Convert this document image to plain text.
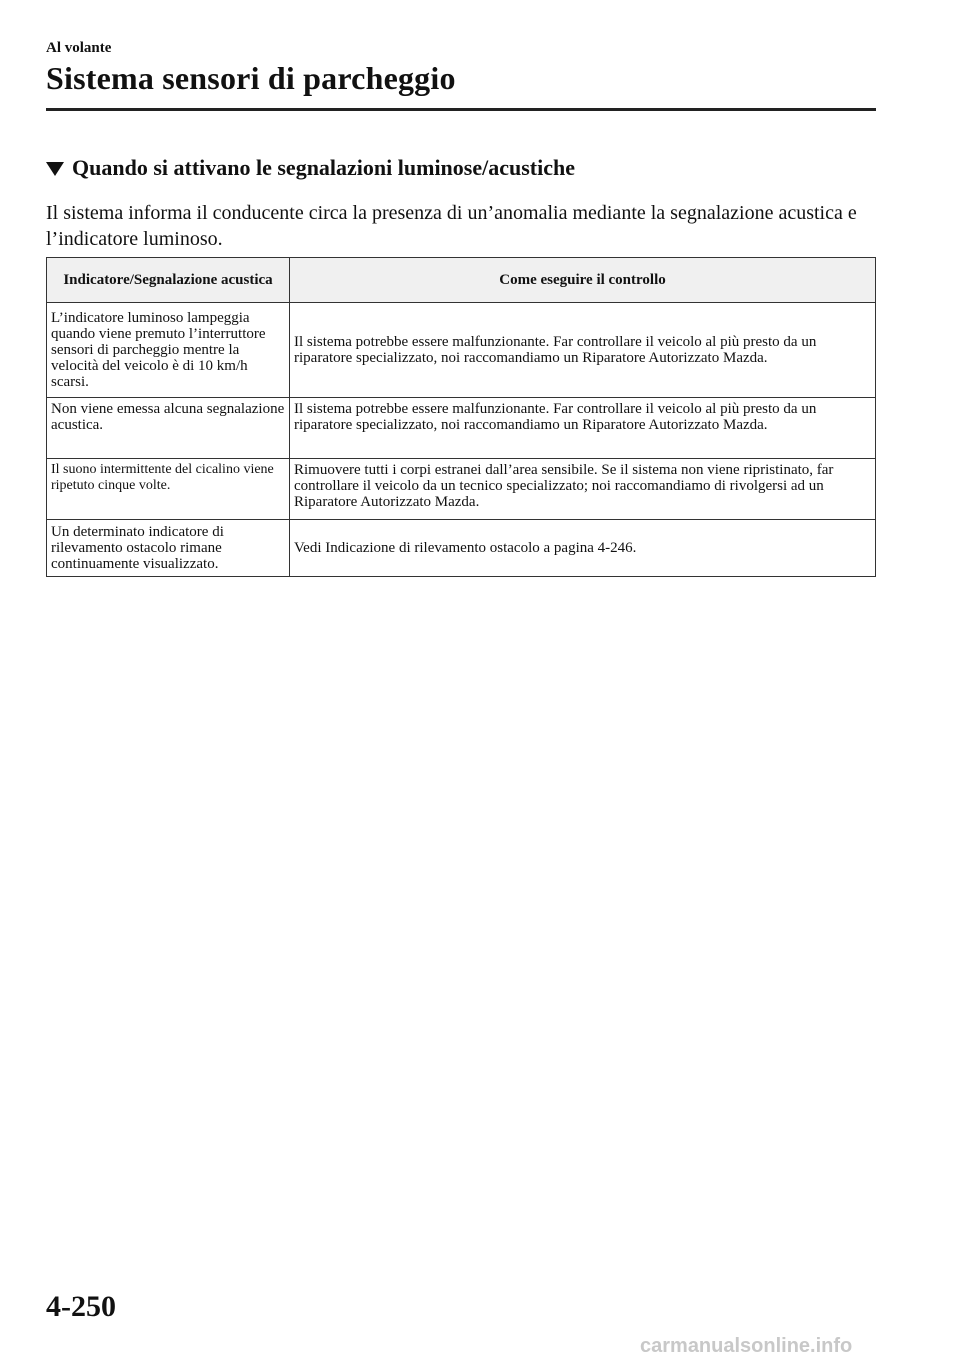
Al volante
Sistema sensori di parcheggio
Quando si attivano le segnalazioni luminose/acustiche
Il sistema informa il conducente circa la presenza di un’anomalia mediante la segnalazione acustica e l’indicatore luminoso.
Indicatore/Segnalazione acustica	Come eseguire il controllo
L’indicatore luminoso lampeggia quando viene premuto l’interruttore sensori di parcheggio mentre la velocità del veicolo è di 10 km/h scarsi.	Il sistema potrebbe essere malfunzionante. Far controllare il veicolo al più presto da un riparatore specializzato, noi raccomandiamo un Riparatore Autorizzato Mazda.
Non viene emessa alcuna segnalazione acustica.	Il sistema potrebbe essere malfunzionante. Far controllare il veicolo al più presto da un riparatore specializzato, noi raccomandiamo un Riparatore Autorizzato Mazda.
Il suono intermittente del cicalino viene ripetuto cinque volte.	Rimuovere tutti i corpi estranei dall’area sensibile. Se il sistema non viene ripristinato, far controllare il veicolo da un tecnico specializzato; noi raccomandiamo di rivolgersi ad un Riparatore Autorizzato Mazda.
Un determinato indicatore di rilevamento ostacolo rimane continuamente visualizzato.	Vedi Indicazione di rilevamento ostacolo a pagina 4-246.
4-250
carmanualsonline.info
